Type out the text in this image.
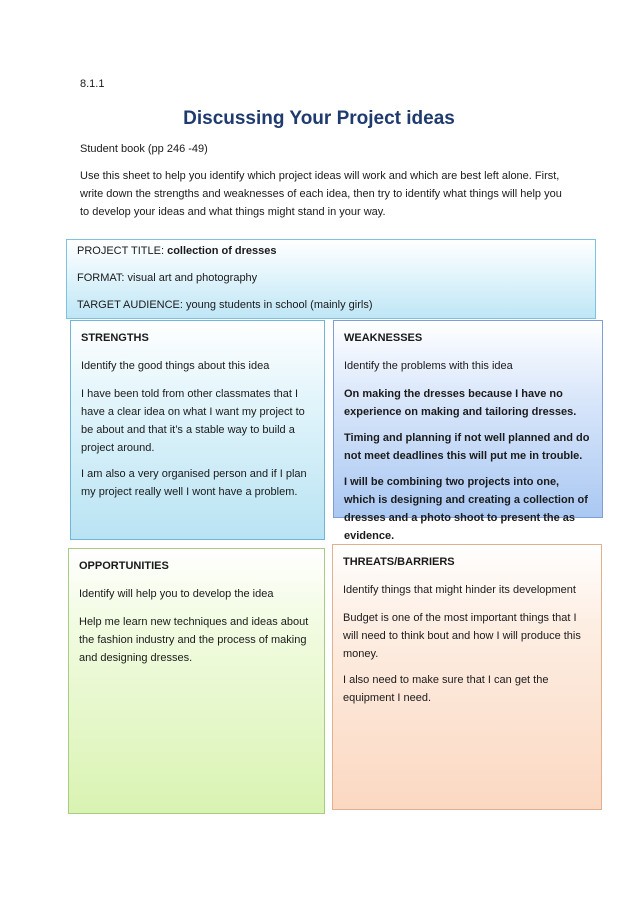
8.1.1
Discussing Your Project ideas
Student book (pp 246 -49)
Use this sheet to help you identify which project ideas will work and which are best left alone. First, write down the strengths and weaknesses of each idea, then try to identify what things will help you to develop your ideas and what things might stand in your way.
PROJECT TITLE: collection of dresses
FORMAT: visual art and photography
TARGET AUDIENCE: young students in school (mainly girls)
STRENGTHS
Identify the good things about this idea
I have been told from other classmates that I have a clear idea on what I want my project to be about and that it’s a stable way to build a project around.
I am also a very organised person and if I plan my project really well I wont have a problem.
WEAKNESSES
Identify the problems with this idea
On making the dresses because I have no experience on making and tailoring dresses.
Timing and planning if not well planned and do not meet deadlines this will put me in trouble.
I will be combining two projects into one, which is designing and creating a collection of dresses and a photo shoot to present the as evidence.
OPPORTUNITIES
Identify will help you to develop the idea
Help me learn new techniques and ideas about the fashion industry and the process of making and designing dresses.
THREATS/BARRIERS
Identify things that might hinder its development
Budget is one of the most important things that I will need to think bout and how I will produce this money.
I also need to make sure that I can get the equipment I need.
